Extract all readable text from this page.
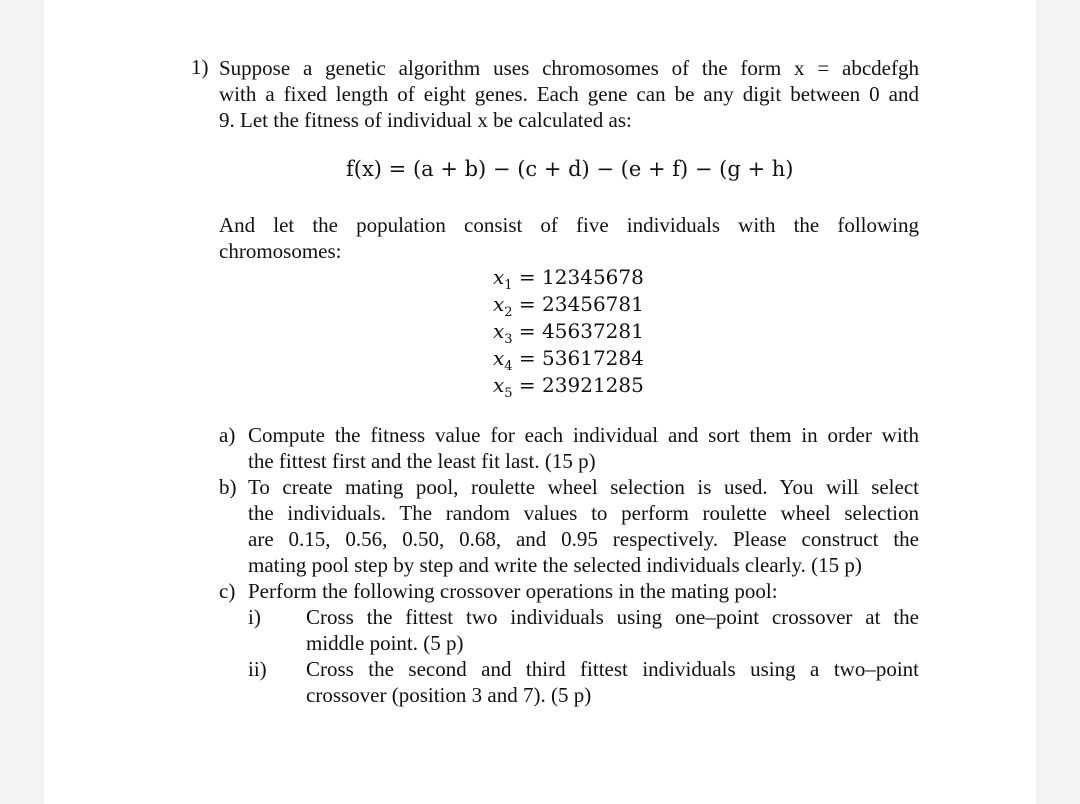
1) Suppose a genetic algorithm uses chromosomes of the form x = abcdefgh
with a fixed length of eight genes. Each gene can be any digit between 0 and
9. Let the fitness of individual x be calculated as:
f(x) = (a + b) − (c + d) − (e + f) − (g + h)
And let the population consist of five individuals with the following
chromosomes:
$x_1 = 12345678$
$x_2 = 23456781$
$x_3 = 45637281$
$x_4 = 53617284$
$x_5 = 23921285$
a) Compute the fitness value for each individual and sort them in order with
the fittest first and the least fit last. (15 p)
b) To create mating pool, roulette wheel selection is used. You will select
the individuals. The random values to perform roulette wheel selection
are 0.15, 0.56, 0.50, 0.68, and 0.95 respectively. Please construct the
mating pool step by step and write the selected individuals clearly. (15 p)
c) Perform the following crossover operations in the mating pool:
i) Cross the fittest two individuals using one–point crossover at the
middle point. (5 p)
ii) Cross the second and third fittest individuals using a two–point
crossover (position 3 and 7). (5 p)
